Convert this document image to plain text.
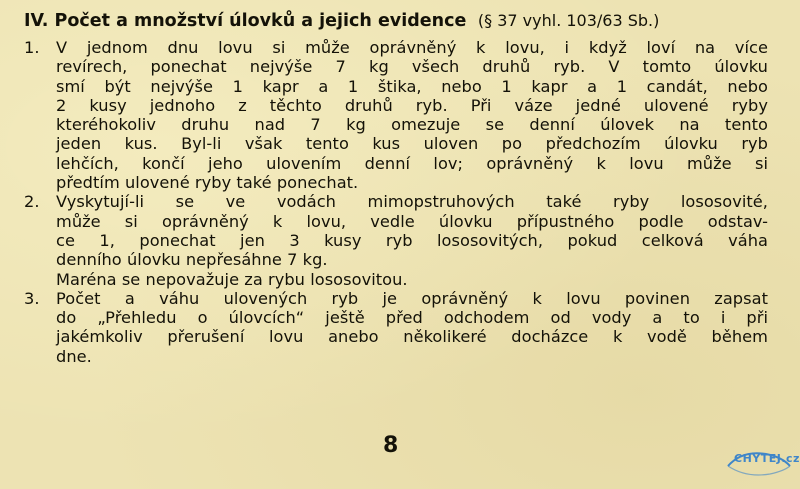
IV. Počet a množství úlovků a jejich evidence (§ 37 vyhl. 103/63 Sb.)
1.	V jednom dnu lovu si může oprávněný k lovu, i když loví na více
revírech, ponechat nejvýše 7 kg všech druhů ryb. V tomto úlovku
smí být nejvýše 1 kapr a 1 štika, nebo 1 kapr a 1 candát, nebo
2 kusy jednoho z těchto druhů ryb. Při váze jedné ulovené ryby
kteréhokoliv druhu nad 7 kg omezuje se denní úlovek na tento
jeden kus. Byl-li však tento kus uloven po předchozím úlovku ryb
lehčích, končí jeho ulovením denní lov; oprávněný k lovu může si
předtím ulovené ryby také ponechat.
2.	Vyskytují-li se ve vodách mimopstruhových také ryby lososovité,
může si oprávněný k lovu, vedle úlovku přípustného podle odstav-
ce 1, ponechat jen 3 kusy ryb lososovitých, pokud celková váha
denního úlovku nepřesáhne 7 kg.
Maréna se nepovažuje za rybu lososovitou.
3.	Počet a váhu ulovených ryb je oprávněný k lovu povinen zapsat
do „Přehledu o úlovcích“ ještě před odchodem od vody a to i při
jakémkoliv přerušení lovu anebo několikeré docházce k vodě během
dne.
8
CHYTEJ.cz
